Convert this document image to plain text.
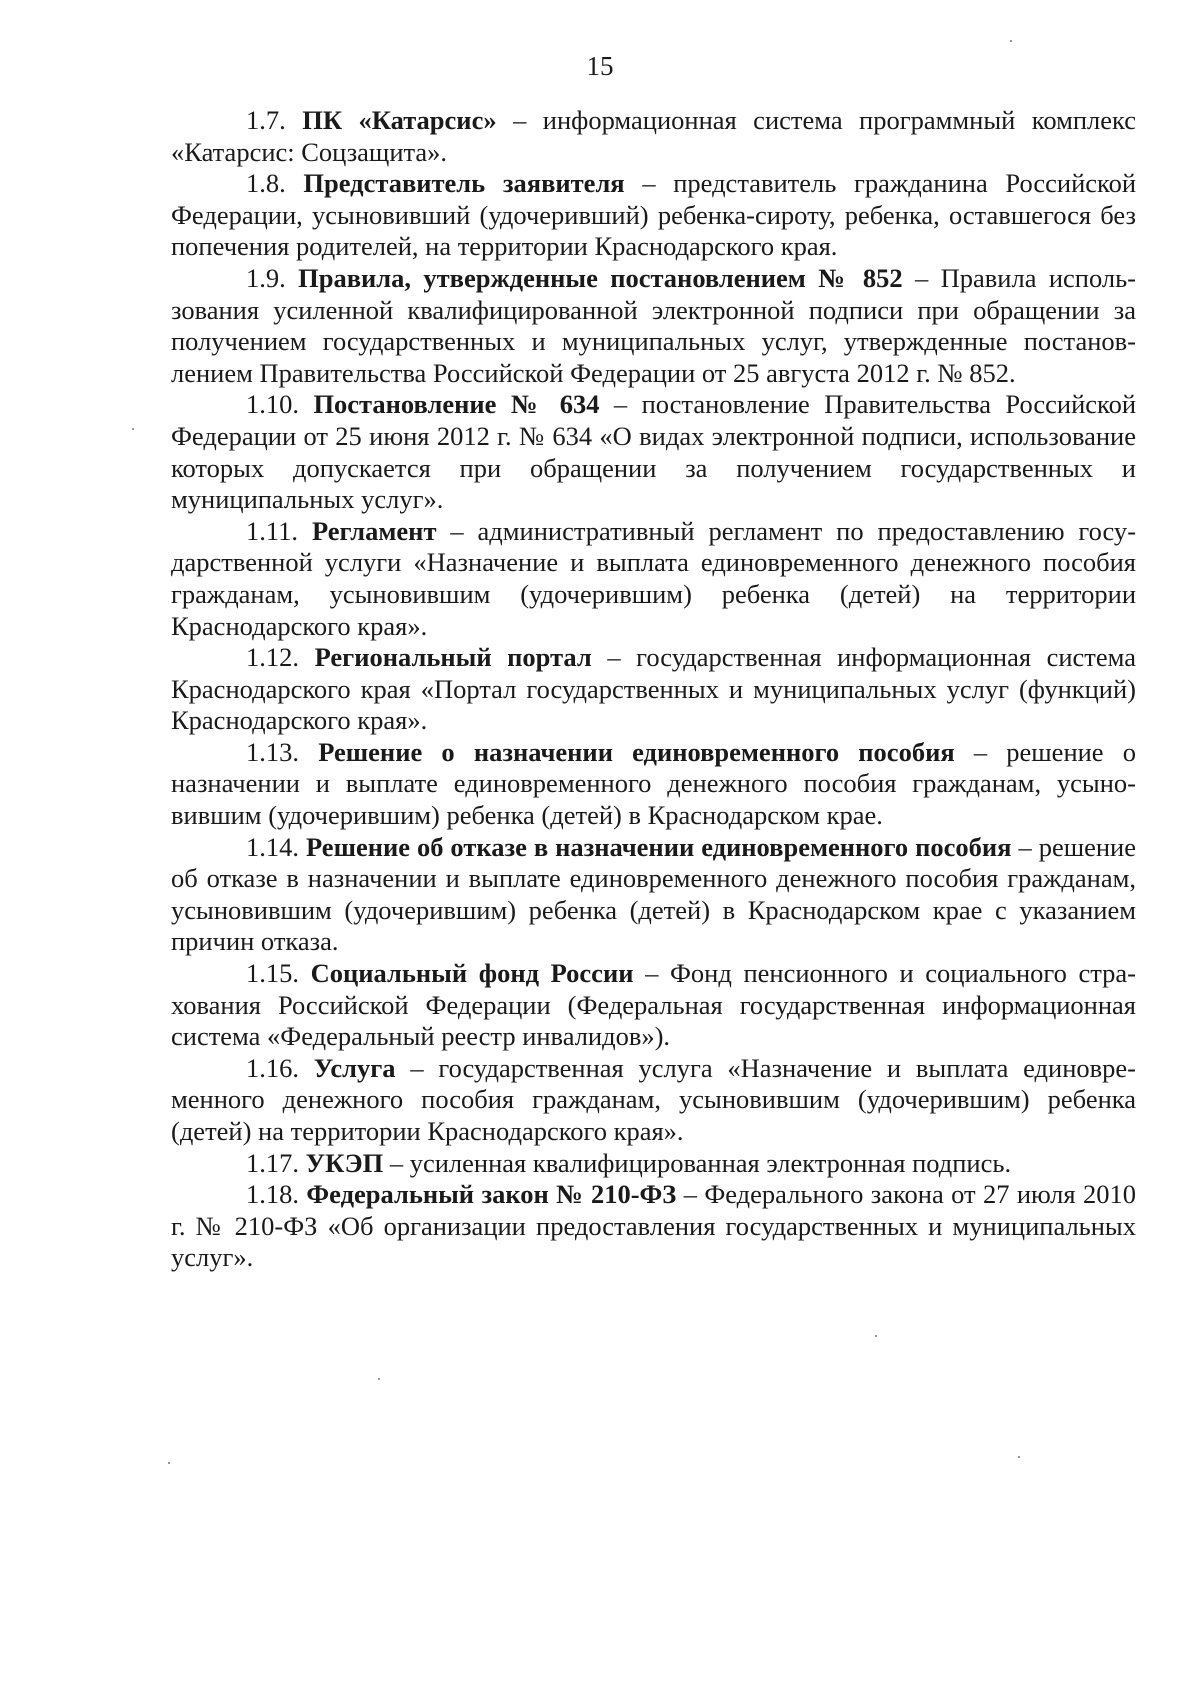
15

1.7. ПК «Катарсис» – информационная система программный комплекс «Катарсис: Соцзащита».

1.8. Представитель заявителя – представитель гражданина Российской Федерации, усыновивший (удочеривший) ребенка-сироту, ребенка, оставшегося без попечения родителей, на территории Краснодарского края.

1.9. Правила, утвержденные постановлением № 852 – Правила использования усиленной квалифицированной электронной подписи при обращении за получением государственных и муниципальных услуг, утвержденные постановлением Правительства Российской Федерации от 25 августа 2012 г. № 852.

1.10. Постановление № 634 – постановление Правительства Российской Федерации от 25 июня 2012 г. № 634 «О видах электронной подписи, использование которых допускается при обращении за получением государственных и муниципальных услуг».

1.11. Регламент – административный регламент по предоставлению государственной услуги «Назначение и выплата единовременного денежного пособия гражданам, усыновившим (удочерившим) ребенка (детей) на территории Краснодарского края».

1.12. Региональный портал – государственная информационная система Краснодарского края «Портал государственных и муниципальных услуг (функций) Краснодарского края».

1.13. Решение о назначении единовременного пособия – решение о назначении и выплате единовременного денежного пособия гражданам, усыновившим (удочерившим) ребенка (детей) в Краснодарском крае.

1.14. Решение об отказе в назначении единовременного пособия – решение об отказе в назначении и выплате единовременного денежного пособия гражданам, усыновившим (удочерившим) ребенка (детей) в Краснодарском крае с указанием причин отказа.

1.15. Социальный фонд России – Фонд пенсионного и социального страхования Российской Федерации (Федеральная государственная информационная система «Федеральный реестр инвалидов»).

1.16. Услуга – государственная услуга «Назначение и выплата единовременного денежного пособия гражданам, усыновившим (удочерившим) ребенка (детей) на территории Краснодарского края».

1.17. УКЭП – усиленная квалифицированная электронная подпись.

1.18. Федеральный закон № 210-ФЗ – Федерального закона от 27 июля 2010 г. № 210-ФЗ «Об организации предоставления государственных и муниципальных услуг».
